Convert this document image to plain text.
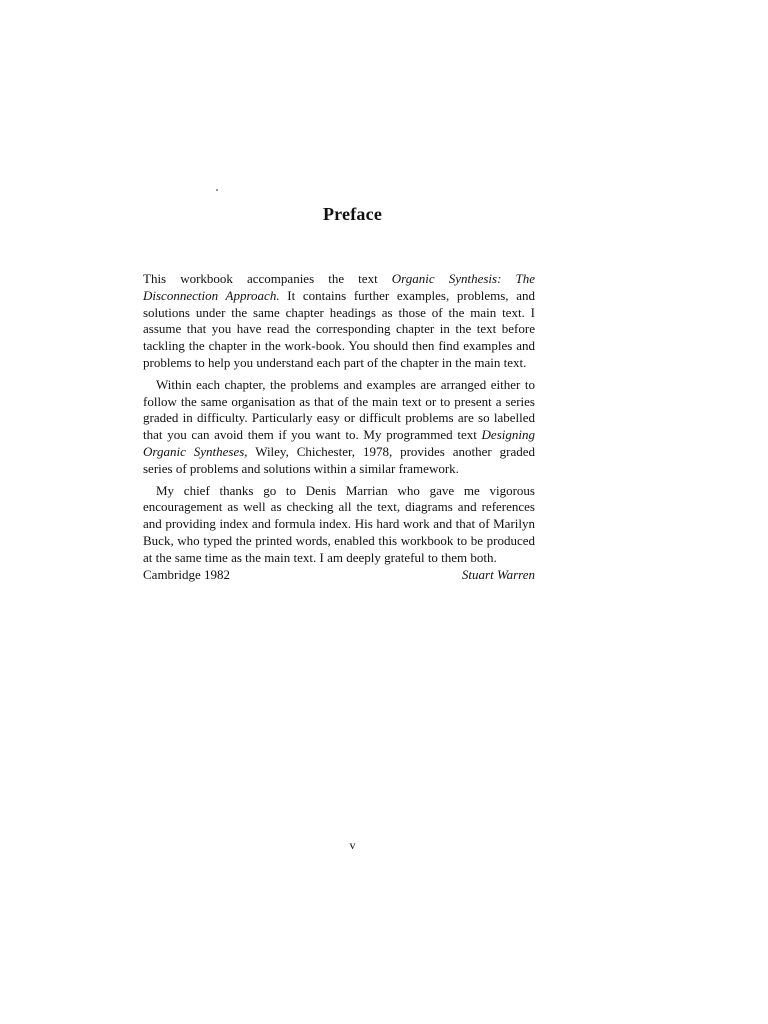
Preface

This workbook accompanies the text Organic Synthesis: The Disconnection Approach. It contains further examples, problems, and solutions under the same chapter headings as those of the main text. I assume that you have read the corresponding chapter in the text before tackling the chapter in the work-book. You should then find examples and problems to help you understand each part of the chapter in the main text.

Within each chapter, the problems and examples are arranged either to follow the same organisation as that of the main text or to present a series graded in difficulty. Particularly easy or difficult problems are so labelled that you can avoid them if you want to. My programmed text Designing Organic Syntheses, Wiley, Chichester, 1978, provides another graded series of problems and solutions within a similar framework.

My chief thanks go to Denis Marrian who gave me vigorous encouragement as well as checking all the text, diagrams and references and providing index and formula index. His hard work and that of Marilyn Buck, who typed the printed words, enabled this workbook to be produced at the same time as the main text. I am deeply grateful to them both.

Cambridge 1982	Stuart Warren
v
